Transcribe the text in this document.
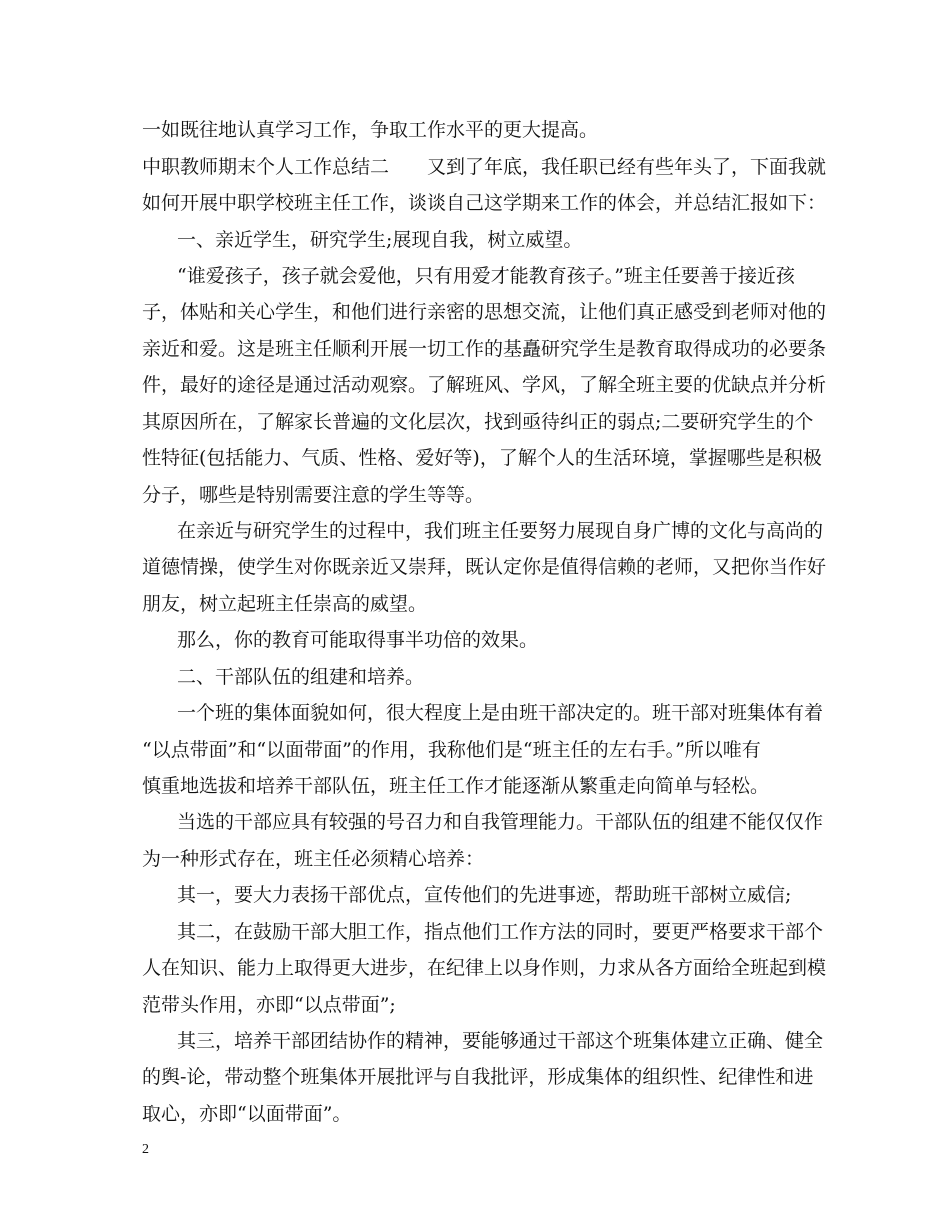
一如既往地认真学习工作，争取工作水平的更大提高。
中职教师期末个人工作总结二　　又到了年底，我任职已经有些年头了，下面我就
如何开展中职学校班主任工作，谈谈自己这学期来工作的体会，并总结汇报如下：
一、亲近学生，研究学生;展现自我，树立威望。
“谁爱孩子，孩子就会爱他，只有用爱才能教育孩子。”班主任要善于接近孩
子，体贴和关心学生，和他们进行亲密的思想交流，让他们真正感受到老师对他的
亲近和爱。这是班主任顺利开展一切工作的基矗研究学生是教育取得成功的必要条
件，最好的途径是通过活动观察。了解班风、学风，了解全班主要的优缺点并分析
其原因所在，了解家长普遍的文化层次，找到亟待纠正的弱点;二要研究学生的个
性特征(包括能力、气质、性格、爱好等)，了解个人的生活环境，掌握哪些是积极
分子，哪些是特别需要注意的学生等等。
在亲近与研究学生的过程中，我们班主任要努力展现自身广博的文化与高尚的
道德情操，使学生对你既亲近又崇拜，既认定你是值得信赖的老师，又把你当作好
朋友，树立起班主任崇高的威望。
那么，你的教育可能取得事半功倍的效果。
二、干部队伍的组建和培养。
一个班的集体面貌如何，很大程度上是由班干部决定的。班干部对班集体有着
“以点带面”和“以面带面”的作用，我称他们是“班主任的左右手。”所以唯有
慎重地选拔和培养干部队伍，班主任工作才能逐渐从繁重走向简单与轻松。
当选的干部应具有较强的号召力和自我管理能力。干部队伍的组建不能仅仅作
为一种形式存在，班主任必须精心培养：
其一，要大力表扬干部优点，宣传他们的先进事迹，帮助班干部树立威信;
其二，在鼓励干部大胆工作，指点他们工作方法的同时，要更严格要求干部个
人在知识、能力上取得更大进步，在纪律上以身作则，力求从各方面给全班起到模
范带头作用，亦即“以点带面”;
其三，培养干部团结协作的精神，要能够通过干部这个班集体建立正确、健全
的舆-论，带动整个班集体开展批评与自我批评，形成集体的组织性、纪律性和进
取心，亦即“以面带面”。
2
